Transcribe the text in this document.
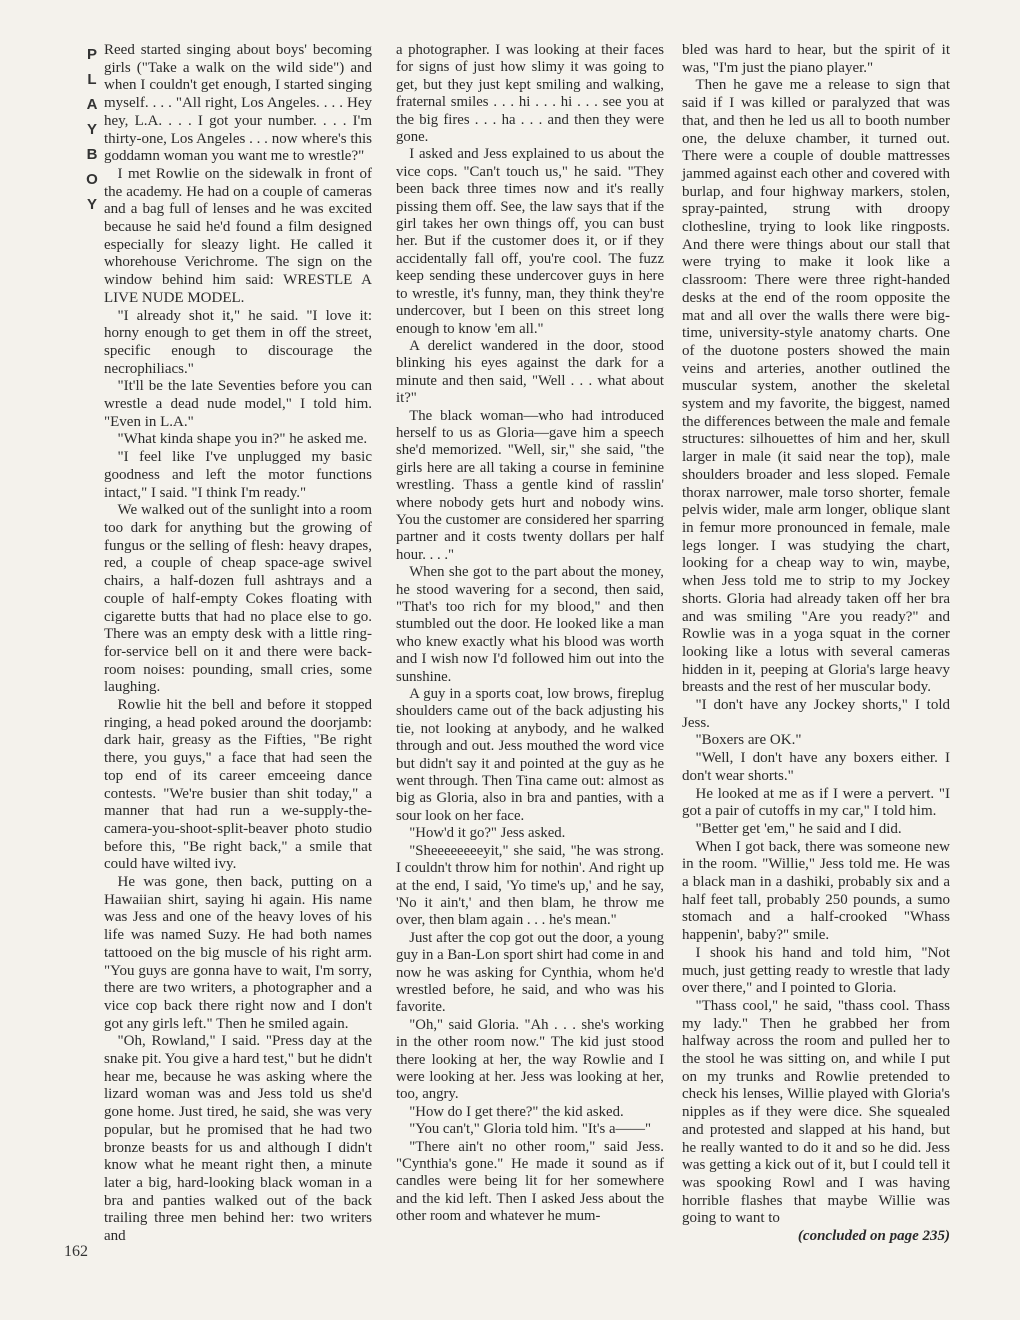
P
L
A
Y
B
O
Y

Reed started singing about boys' becoming girls ("Take a walk on the wild side") and when I couldn't get enough, I started singing myself. . . . "All right, Los Angeles. . . . Hey hey, L.A. . . . I got your number. . . . I'm thirty-one, Los Angeles . . . now where's this goddamn woman you want me to wrestle?"

I met Rowlie on the sidewalk in front of the academy. He had on a couple of cameras and a bag full of lenses and he was excited because he said he'd found a film designed especially for sleazy light. He called it whorehouse Verichrome. The sign on the window behind him said: WRESTLE A LIVE NUDE MODEL.

"I already shot it," he said. "I love it: horny enough to get them in off the street, specific enough to discourage the necrophiliacs."

"It'll be the late Seventies before you can wrestle a dead nude model," I told him. "Even in L.A."

"What kinda shape you in?" he asked me.

"I feel like I've unplugged my basic goodness and left the motor functions intact," I said. "I think I'm ready."

We walked out of the sunlight into a room too dark for anything but the growing of fungus or the selling of flesh: heavy drapes, red, a couple of cheap space-age swivel chairs, a half-dozen full ashtrays and a couple of half-empty Cokes floating with cigarette butts that had no place else to go. There was an empty desk with a little ring-for-service bell on it and there were back-room noises: pounding, small cries, some laughing.

Rowlie hit the bell and before it stopped ringing, a head poked around the doorjamb: dark hair, greasy as the Fifties, "Be right there, you guys," a face that had seen the top end of its career emceeing dance contests. "We're busier than shit today," a manner that had run a we-supply-the-camera-you-shoot-split-beaver photo studio before this, "Be right back," a smile that could have wilted ivy.

He was gone, then back, putting on a Hawaiian shirt, saying hi again. His name was Jess and one of the heavy loves of his life was named Suzy. He had both names tattooed on the big muscle of his right arm. "You guys are gonna have to wait, I'm sorry, there are two writers, a photographer and a vice cop back there right now and I don't got any girls left." Then he smiled again.

"Oh, Rowland," I said. "Press day at the snake pit. You give a hard test," but he didn't hear me, because he was asking where the lizard woman was and Jess told us she'd gone home. Just tired, he said, she was very popular, but he promised that he had two bronze beasts for us and although I didn't know what he meant right then, a minute later a big, hard-looking black woman in a bra and panties walked out of the back trailing three men behind her: two writers and

a photographer. I was looking at their faces for signs of just how slimy it was going to get, but they just kept smiling and walking, fraternal smiles . . . hi . . . hi . . . see you at the big fires . . . ha . . . and then they were gone.

I asked and Jess explained to us about the vice cops. "Can't touch us," he said. "They been back three times now and it's really pissing them off. See, the law says that if the girl takes her own things off, you can bust her. But if the customer does it, or if they accidentally fall off, you're cool. The fuzz keep sending these undercover guys in here to wrestle, it's funny, man, they think they're undercover, but I been on this street long enough to know 'em all."

A derelict wandered in the door, stood blinking his eyes against the dark for a minute and then said, "Well . . . what about it?"

The black woman—who had introduced herself to us as Gloria—gave him a speech she'd memorized. "Well, sir," she said, "the girls here are all taking a course in feminine wrestling. Thass a gentle kind of rasslin' where nobody gets hurt and nobody wins. You the customer are considered her sparring partner and it costs twenty dollars per half hour. . . ."

When she got to the part about the money, he stood wavering for a second, then said, "That's too rich for my blood," and then stumbled out the door. He looked like a man who knew exactly what his blood was worth and I wish now I'd followed him out into the sunshine.

A guy in a sports coat, low brows, fireplug shoulders came out of the back adjusting his tie, not looking at anybody, and he walked through and out. Jess mouthed the word vice but didn't say it and pointed at the guy as he went through. Then Tina came out: almost as big as Gloria, also in bra and panties, with a sour look on her face.

"How'd it go?" Jess asked.

"Sheeeeeeeeyit," she said, "he was strong. I couldn't throw him for nothin'. And right up at the end, I said, 'Yo time's up,' and he say, 'No it ain't,' and then blam, he throw me over, then blam again . . . he's mean."

Just after the cop got out the door, a young guy in a Ban-Lon sport shirt had come in and now he was asking for Cynthia, whom he'd wrestled before, he said, and who was his favorite.

"Oh," said Gloria. "Ah . . . she's working in the other room now." The kid just stood there looking at her, the way Rowlie and I were looking at her. Jess was looking at her, too, angry.

"How do I get there?" the kid asked.

"You can't," Gloria told him. "It's a——"

"There ain't no other room," said Jess. "Cynthia's gone." He made it sound as if candles were being lit for her somewhere and the kid left. Then I asked Jess about the other room and whatever he mum-

bled was hard to hear, but the spirit of it was, "I'm just the piano player."

Then he gave me a release to sign that said if I was killed or paralyzed that was that, and then he led us all to booth number one, the deluxe chamber, it turned out. There were a couple of double mattresses jammed against each other and covered with burlap, and four highway markers, stolen, spray-painted, strung with droopy clothesline, trying to look like ringposts. And there were things about our stall that were trying to make it look like a classroom: There were three right-handed desks at the end of the room opposite the mat and all over the walls there were big-time, university-style anatomy charts. One of the duotone posters showed the main veins and arteries, another outlined the muscular system, another the skeletal system and my favorite, the biggest, named the differences between the male and female structures: silhouettes of him and her, skull larger in male (it said near the top), male shoulders broader and less sloped. Female thorax narrower, male torso shorter, female pelvis wider, male arm longer, oblique slant in femur more pronounced in female, male legs longer. I was studying the chart, looking for a cheap way to win, maybe, when Jess told me to strip to my Jockey shorts. Gloria had already taken off her bra and was smiling "Are you ready?" and Rowlie was in a yoga squat in the corner looking like a lotus with several cameras hidden in it, peeping at Gloria's large heavy breasts and the rest of her muscular body.

"I don't have any Jockey shorts," I told Jess.

"Boxers are OK."

"Well, I don't have any boxers either. I don't wear shorts."

He looked at me as if I were a pervert. "I got a pair of cutoffs in my car," I told him.

"Better get 'em," he said and I did.

When I got back, there was someone new in the room. "Willie," Jess told me. He was a black man in a dashiki, probably six and a half feet tall, probably 250 pounds, a sumo stomach and a half-crooked "Whass happenin', baby?" smile.

I shook his hand and told him, "Not much, just getting ready to wrestle that lady over there," and I pointed to Gloria.

"Thass cool," he said, "thass cool. Thass my lady." Then he grabbed her from halfway across the room and pulled her to the stool he was sitting on, and while I put on my trunks and Rowlie pretended to check his lenses, Willie played with Gloria's nipples as if they were dice. She squealed and protested and slapped at his hand, but he really wanted to do it and so he did. Jess was getting a kick out of it, but I could tell it was spooking Rowl and I was having horrible flashes that maybe Willie was going to want to

(concluded on page 235)

162
